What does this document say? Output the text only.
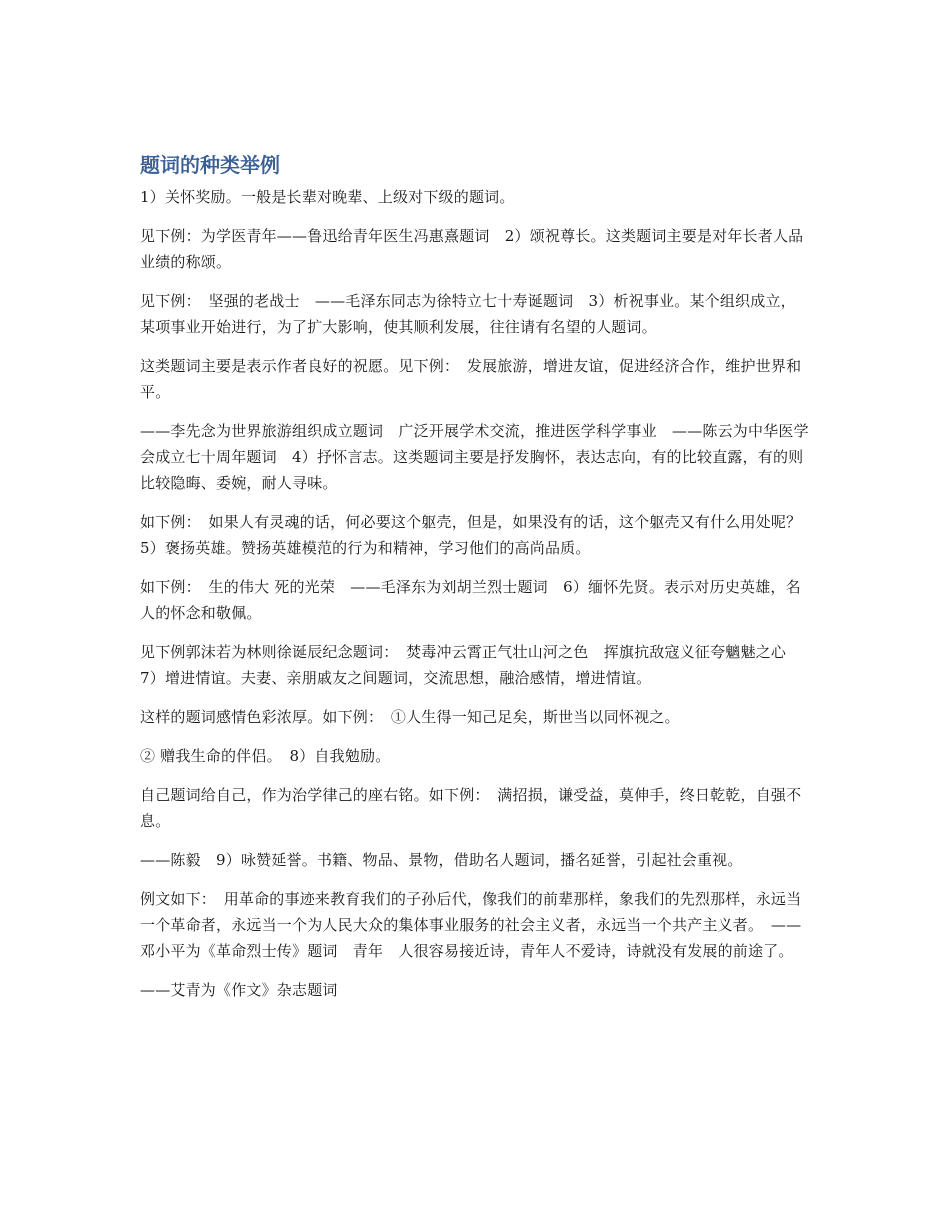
题词的种类举例

1）关怀奖励。一般是长辈对晚辈、上级对下级的题词。

见下例：为学医青年——鲁迅给青年医生冯惠熹题词　2）颂祝尊长。这类题词主要是对年长者人品业绩的称颂。

见下例：　坚强的老战士　——毛泽东同志为徐特立七十寿诞题词　3）析祝事业。某个组织成立，某项事业开始进行，为了扩大影响，使其顺利发展，往往请有名望的人题词。

这类题词主要是表示作者良好的祝愿。见下例：　发展旅游，增进友谊，促进经济合作，维护世界和平。

——李先念为世界旅游组织成立题词　广泛开展学术交流，推进医学科学事业　——陈云为中华医学会成立七十周年题词　4）抒怀言志。这类题词主要是抒发胸怀，表达志向，有的比较直露，有的则比较隐晦、委婉，耐人寻味。

如下例：　如果人有灵魂的话，何必要这个躯壳，但是，如果没有的话，这个躯壳又有什么用处呢？　5）褒扬英雄。赞扬英雄模范的行为和精神，学习他们的高尚品质。

如下例：　生的伟大 死的光荣　——毛泽东为刘胡兰烈士题词　6）缅怀先贤。表示对历史英雄，名人的怀念和敬佩。

见下例郭沫若为林则徐诞辰纪念题词：　焚毒冲云霄正气壮山河之色　挥旗抗敌寇义征夸魑魅之心　7）增进情谊。夫妻、亲朋戚友之间题词，交流思想，融洽感情，增进情谊。

这样的题词感情色彩浓厚。如下例：　①人生得一知己足矣，斯世当以同怀视之。

② 赠我生命的伴侣。　8）自我勉励。

自己题词给自己，作为治学律己的座右铭。如下例：　满招损，谦受益，莫伸手，终日乾乾，自强不息。

——陈毅　9）咏赞延誉。书籍、物品、景物，借助名人题词，播名延誉，引起社会重视。

例文如下：　用革命的事迹来教育我们的子孙后代，像我们的前辈那样，象我们的先烈那样，永远当一个革命者，永远当一个为人民大众的集体事业服务的社会主义者，永远当一个共产主义者。　——邓小平为《革命烈士传》题词　青年　人很容易接近诗，青年人不爱诗，诗就没有发展的前途了。

——艾青为《作文》杂志题词
